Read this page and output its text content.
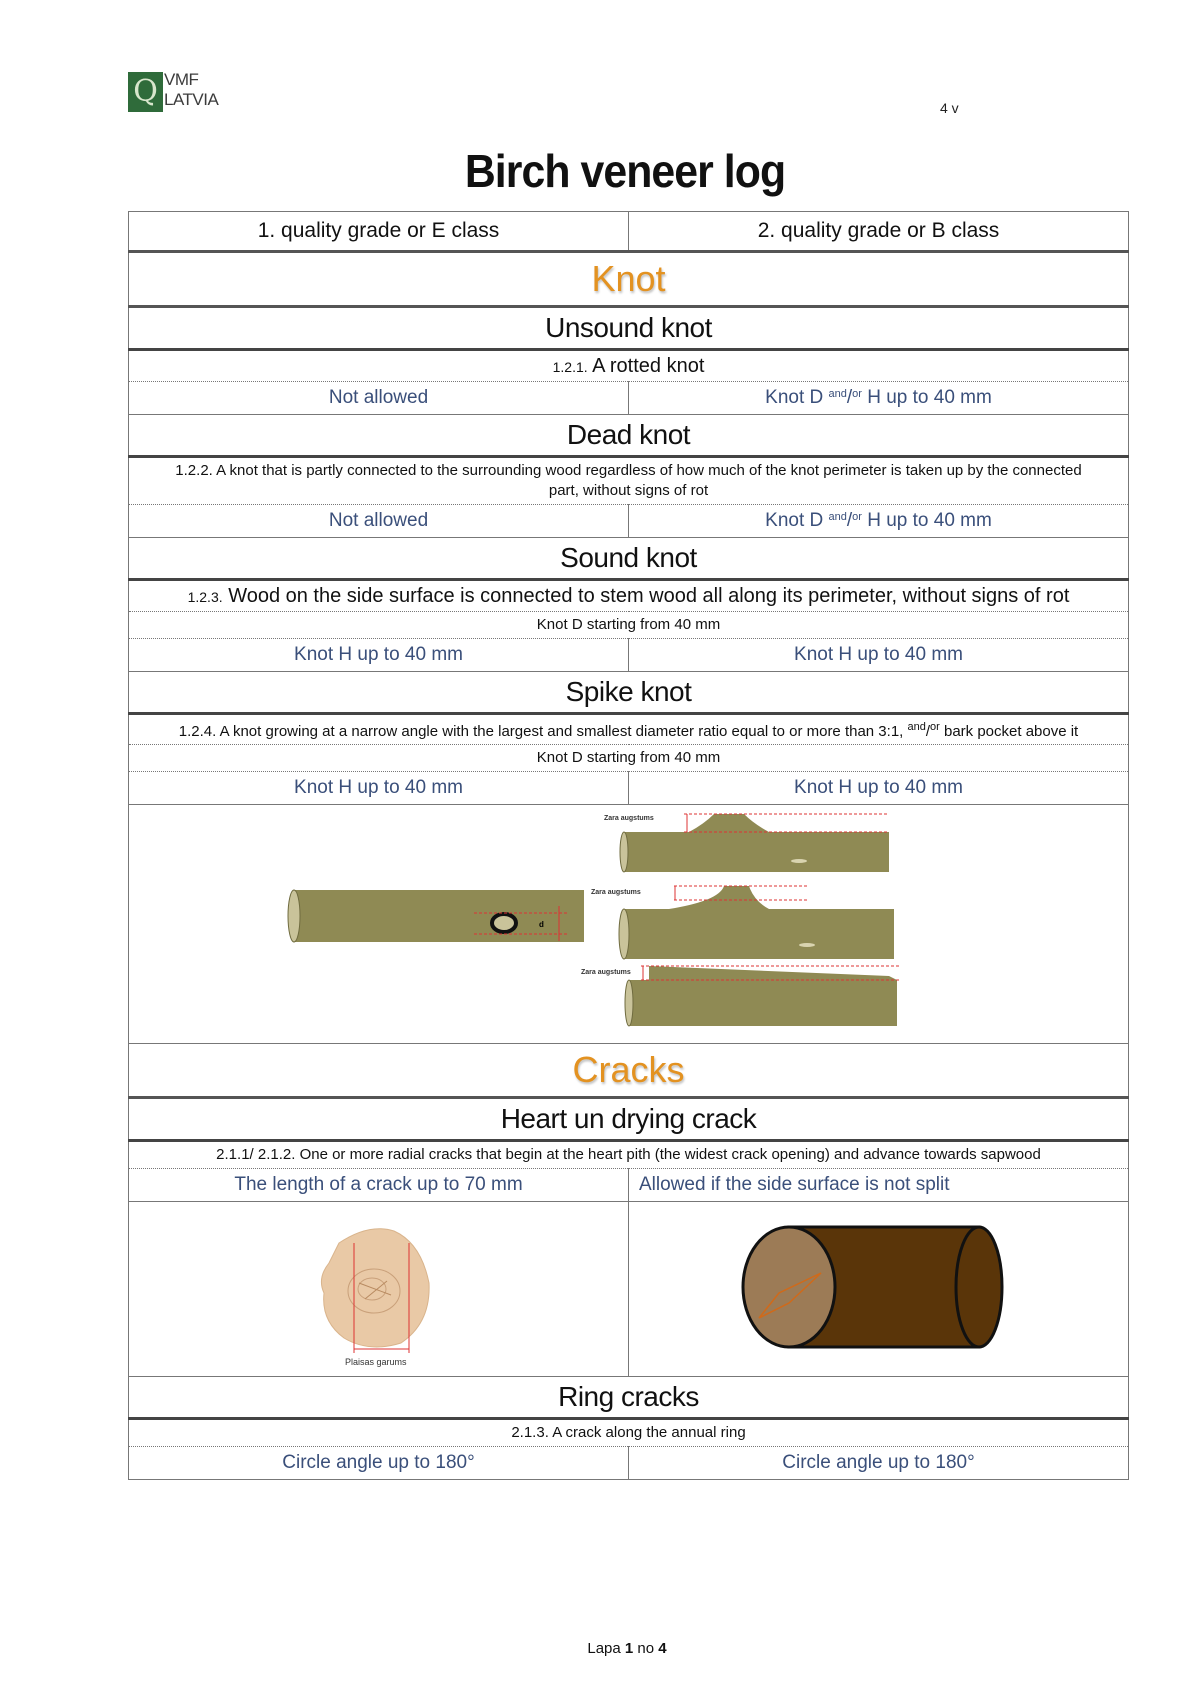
Q VMF
LATVIA	4 v
Birch veneer log
1. quality grade or E class	2. quality grade or B class
Knot	
Unsound knot	
1.2.1. A rotted knot	
Not allowed	Knot D $^{and}$/$^{or}$ H up to 40 mm
Dead knot	
1.2.2. A knot that is partly connected to the surrounding wood regardless of how much of the knot perimeter is taken up by the connected part, without signs of rot	
Not allowed	Knot D $^{and}$/$^{or}$ H up to 40 mm
Sound knot	
1.2.3. Wood on the side surface is connected to stem wood all along its perimeter, without signs of rot	
Knot D starting from 40 mm	
Knot H up to 40 mm	Knot H up to 40 mm
Spike knot	
1.2.4. A knot growing at a narrow angle with the largest and smallest diameter ratio equal to or more than 3:1, $^{and}$/$^{or}$ bark pocket above it	
Knot D starting from 40 mm	
Knot H up to 40 mm	Knot H up to 40 mm

d
Zara augstums
Zara augstums
Zara augstums	

Cracks	
Heart un drying crack	
2.1.1/ 2.1.2. One or more radial cracks that begin at the heart pith (the widest crack opening) and advance towards sapwood	
The length of a crack up to 70 mm	Allowed if the side surface is not split

Plaisas garums

Ring cracks	
2.1.3. A crack along the annual ring	
Circle angle up to 180°	Circle angle up to 180°
Lapa 1 no 4
